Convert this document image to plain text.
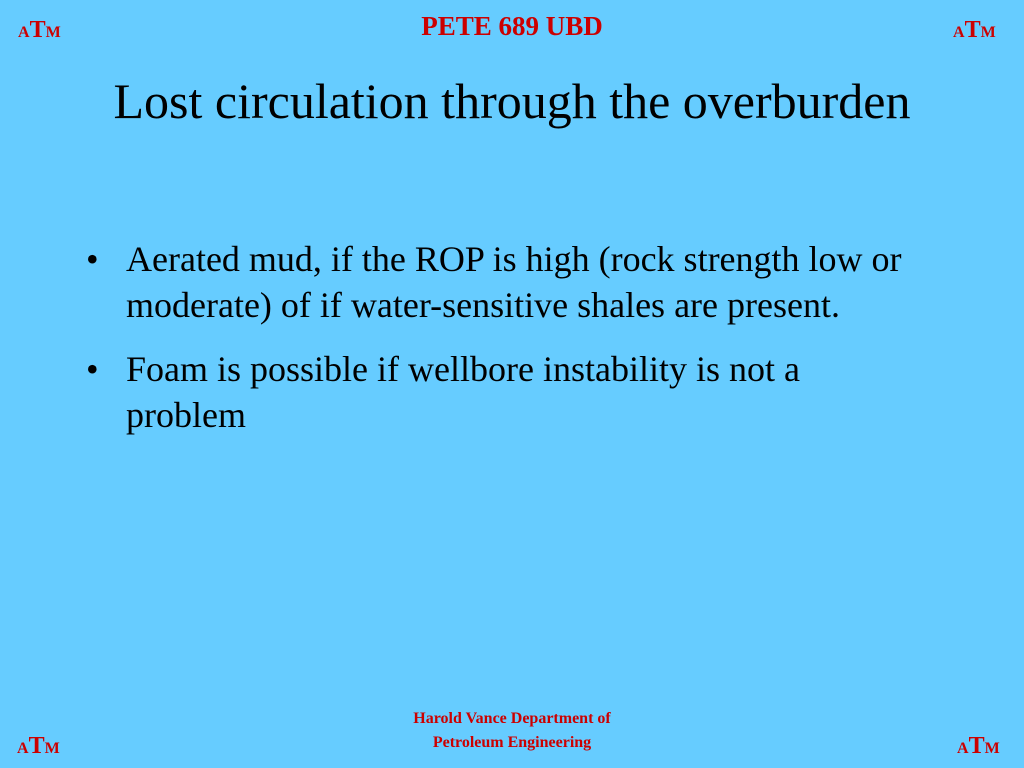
ATM	PETE 689 UBD	ATM
Lost circulation through the overburden
• Aerated mud, if the ROP is high (rock strength low or moderate) of if water-sensitive shales are present.
• Foam is possible if wellbore instability is not a problem
ATM
Harold Vance Department of
Petroleum Engineering	ATM
